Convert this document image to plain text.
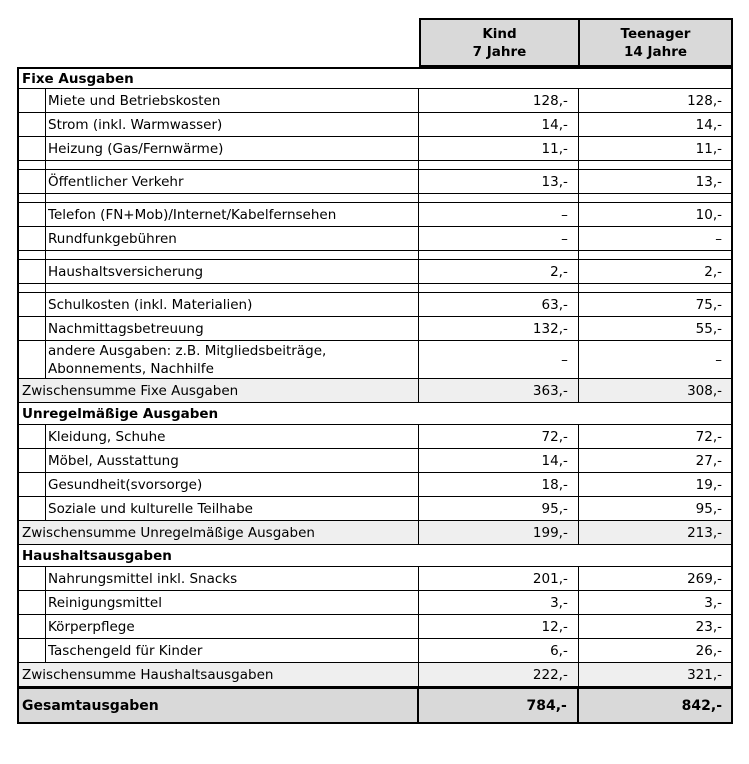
Kind
7 Jahre
Teenager
14 Jahre
Fixe Ausgaben
Miete und Betriebskosten	128,-	128,-
Strom (inkl. Warmwasser)	14,-	14,-
Heizung (Gas/Fernwärme)	11,-	11,-
Öffentlicher Verkehr	13,-	13,-
Telefon (FN+Mob)/Internet/Kabelfernsehen	–	10,-
Rundfunkgebühren	–	–
Haushaltsversicherung	2,-	2,-
Schulkosten (inkl. Materialien)	63,-	75,-
Nachmittagsbetreuung	132,-	55,-
andere Ausgaben: z.B. Mitgliedsbeiträge,
Abonnements, Nachhilfe
–	–
Zwischensumme Fixe Ausgaben	363,-	308,-
Unregelmäßige Ausgaben
Kleidung, Schuhe	72,-	72,-
Möbel, Ausstattung	14,-	27,-
Gesundheit(svorsorge)	18,-	19,-
Soziale und kulturelle Teilhabe	95,-	95,-
Zwischensumme Unregelmäßige Ausgaben	199,-	213,-
Haushaltsausgaben
Nahrungsmittel inkl. Snacks	201,-	269,-
Reinigungsmittel	3,-	3,-
Körperpflege	12,-	23,-
Taschengeld für Kinder	6,-	26,-
Zwischensumme Haushaltsausgaben	222,-	321,-
Gesamtausgaben	784,-	842,-
